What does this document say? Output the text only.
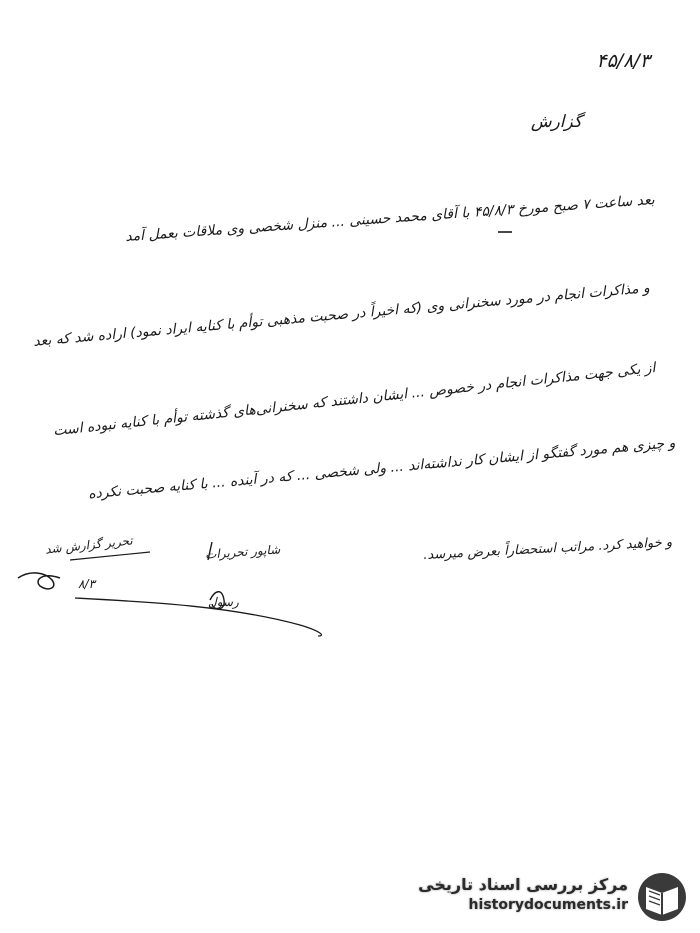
۴۵/۸/۳
گزارش
بعد ساعت ۷ صبح مورخ ۴۵/۸/۳ با آقای محمد حسینی ... منزل شخصی وی ملاقات بعمل آمد
و مذاکرات انجام در مورد سخنرانی وی (که اخیراً در صحبت مذهبی توأم با کنایه ایراد نمود) اراده شد که بعد
از یکی جهت مذاکرات انجام در خصوص ... ایشان داشتند که سخنرانی‌های گذشته توأم با کنایه نبوده است
و چیزی هم مورد گفتگو از ایشان کار نداشته‌اند ... ولی شخصی ... که در آینده ... با کنایه صحبت نکرده
و خواهید کرد. مراتب استحضاراً بعرض میرسد.
تحریر گزارش شد
۸/۳
شاپور تحریرات
رسول
مرکز بررسی اسناد تاریخی
historydocuments.ir
